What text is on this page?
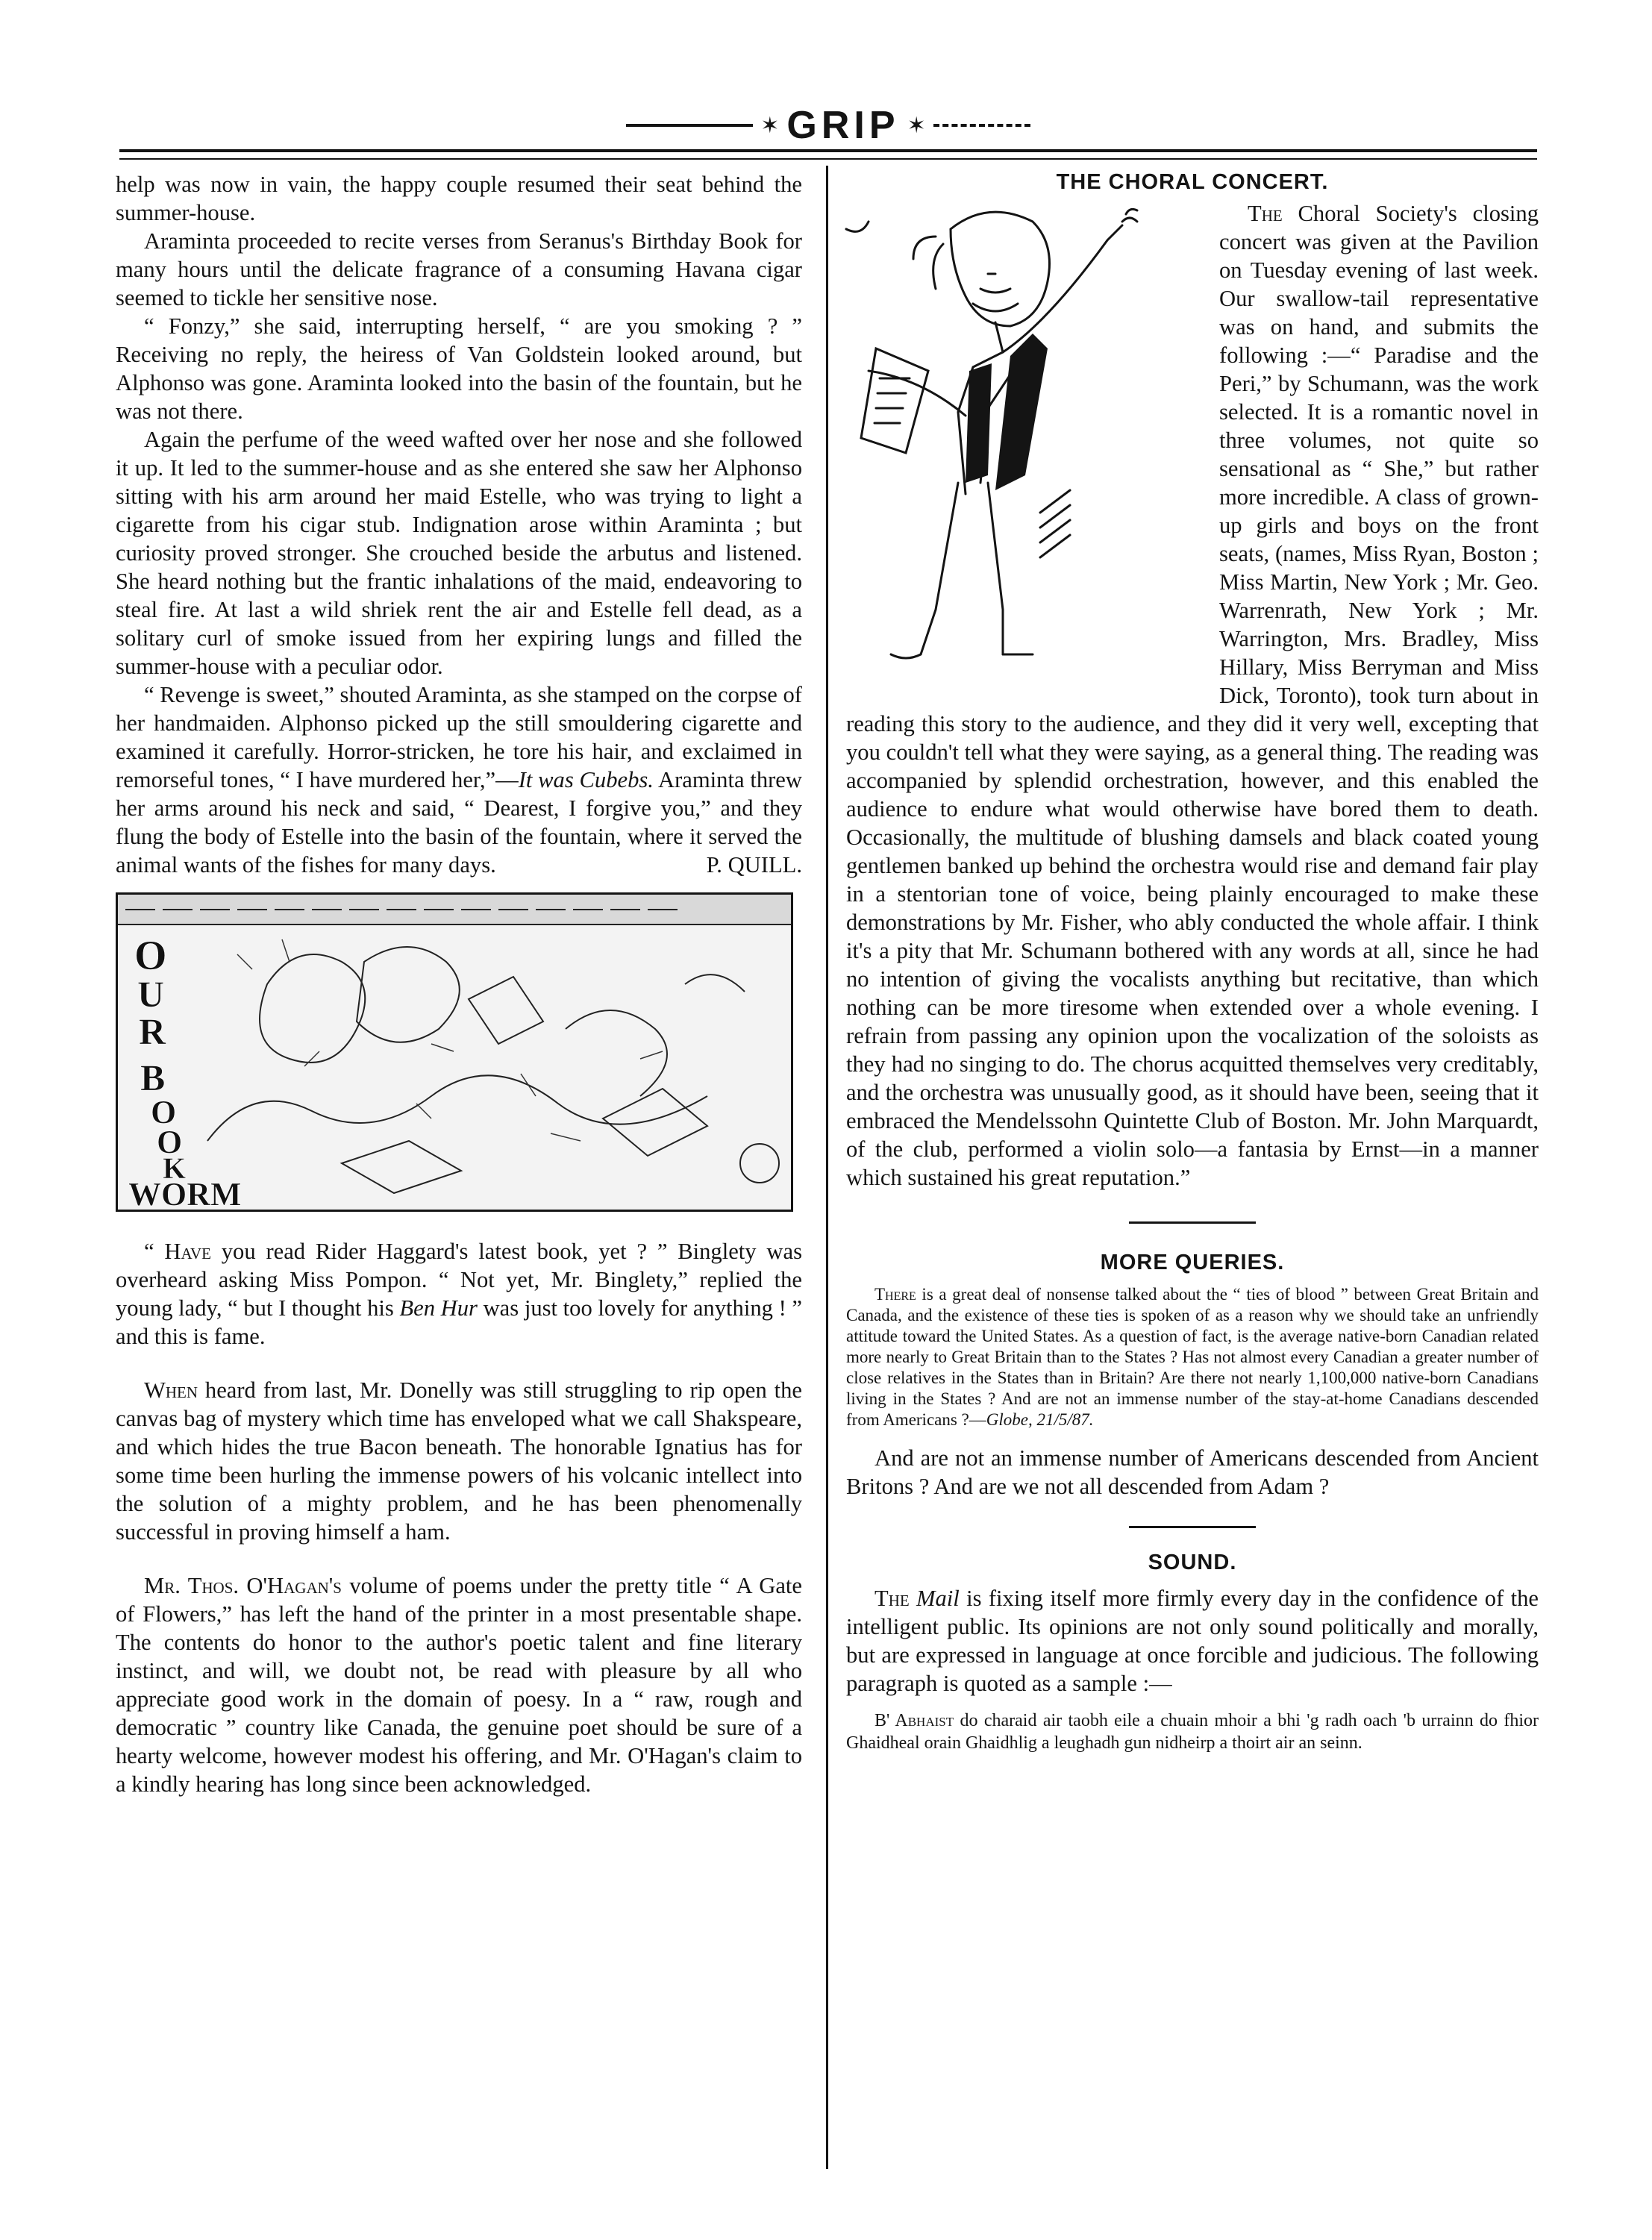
✶ GRIP ✶

help was now in vain, the happy couple resumed their seat behind the summer-house.

Araminta proceeded to recite verses from Seranus's Birthday Book for many hours until the delicate fragrance of a consuming Havana cigar seemed to tickle her sensitive nose.

“ Fonzy,” she said, interrupting herself, “ are you smoking ? ” Receiving no reply, the heiress of Van Goldstein looked around, but Alphonso was gone. Araminta looked into the basin of the fountain, but he was not there.

Again the perfume of the weed wafted over her nose and she followed it up. It led to the summer-house and as she entered she saw her Alphonso sitting with his arm around her maid Estelle, who was trying to light a cigarette from his cigar stub. Indignation arose within Araminta ; but curiosity proved stronger. She crouched beside the arbutus and listened. She heard nothing but the frantic inhalations of the maid, endeavoring to steal fire. At last a wild shriek rent the air and Estelle fell dead, as a solitary curl of smoke issued from her expiring lungs and filled the summer-house with a peculiar odor.

“ Revenge is sweet,” shouted Araminta, as she stamped on the corpse of her handmaiden. Alphonso picked up the still smouldering cigarette and examined it carefully. Horror-stricken, he tore his hair, and exclaimed in remorseful tones, “ I have murdered her,”—It was Cubebs. Araminta threw her arms around his neck and said, “ Dearest, I forgive you,” and they flung the body of Estelle into the basin of the fountain, where it served the animal wants of the fishes for many days.	P. QUILL.

O
U
R
B
O
O
K
WORM

“ Have you read Rider Haggard's latest book, yet ? ” Binglety was overheard asking Miss Pompon. “ Not yet, Mr. Binglety,” replied the young lady, “ but I thought his Ben Hur was just too lovely for anything ! ” and this is fame.

When heard from last, Mr. Donelly was still struggling to rip open the canvas bag of mystery which time has enveloped what we call Shakspeare, and which hides the true Bacon beneath. The honorable Ignatius has for some time been hurling the immense powers of his volcanic intellect into the solution of a mighty problem, and he has been phenomenally successful in proving himself a ham.

Mr. Thos. O'Hagan's volume of poems under the pretty title “ A Gate of Flowers,” has left the hand of the printer in a most presentable shape. The contents do honor to the author's poetic talent and fine literary instinct, and will, we doubt not, be read with pleasure by all who appreciate good work in the domain of poesy. In a “ raw, rough and democratic ” country like Canada, the genuine poet should be sure of a hearty welcome, however modest his offering, and Mr. O'Hagan's claim to a kindly hearing has long since been acknowledged.

THE CHORAL CONCERT.

The Choral Society's closing concert was given at the Pavilion on Tuesday evening of last week. Our swallow-tail representative was on hand, and submits the following :—“ Paradise and the Peri,” by Schumann, was the work selected. It is a romantic novel in three volumes, not quite so sensational as “ She,” but rather more incredible. A class of grown-up girls and boys on the front seats, (names, Miss Ryan, Boston ; Miss Martin, New York ; Mr. Geo. Warrenrath, New York ; Mr. Warrington, Mrs. Bradley, Miss Hillary, Miss Berryman and Miss Dick, Toronto), took turn about in reading this story to the audience, and they did it very well, excepting that you couldn't tell what they were saying, as a general thing. The reading was accompanied by splendid orchestration, however, and this enabled the audience to endure what would otherwise have bored them to death. Occasionally, the multitude of blushing damsels and black coated young gentlemen banked up behind the orchestra would rise and demand fair play in a stentorian tone of voice, being plainly encouraged to make these demonstrations by Mr. Fisher, who ably conducted the whole affair. I think it's a pity that Mr. Schumann bothered with any words at all, since he had no intention of giving the vocalists anything but recitative, than which nothing can be more tiresome when extended over a whole evening. I refrain from passing any opinion upon the vocalization of the soloists as they had no singing to do. The chorus acquitted themselves very creditably, and the orchestra was unusually good, as it should have been, seeing that it embraced the Mendelssohn Quintette Club of Boston. Mr. John Marquardt, of the club, performed a violin solo—a fantasia by Ernst—in a manner which sustained his great reputation.”

MORE QUERIES.

There is a great deal of nonsense talked about the “ ties of blood ” between Great Britain and Canada, and the existence of these ties is spoken of as a reason why we should take an unfriendly attitude toward the United States. As a question of fact, is the average native-born Canadian related more nearly to Great Britain than to the States ? Has not almost every Canadian a greater number of close relatives in the States than in Britain? Are there not nearly 1,100,000 native-born Canadians living in the States ? And are not an immense number of the stay-at-home Canadians descended from Americans ?—Globe, 21/5/87.

And are not an immense number of Americans descended from Ancient Britons ? And are we not all descended from Adam ?

SOUND.

The Mail is fixing itself more firmly every day in the confidence of the intelligent public. Its opinions are not only sound politically and morally, but are expressed in language at once forcible and judicious. The following paragraph is quoted as a sample :—

B' Abhaist do charaid air taobh eile a chuain mhoir a bhi 'g radh oach 'b urrainn do fhior Ghaidheal orain Ghaidhlig a leughadh gun nidheirp a thoirt air an seinn.
